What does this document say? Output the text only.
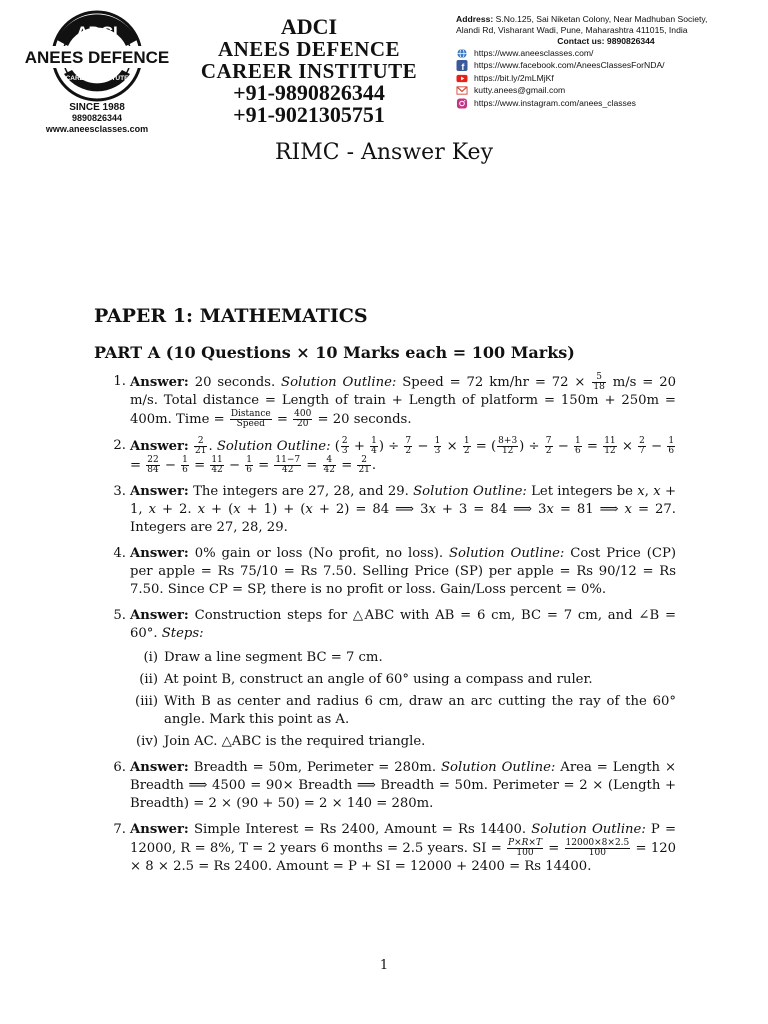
ADCI
ANEES DEFENCE
CAREER INSTITUTE
SINCE 1988
9890826344
www.aneesclasses.com
ADCI
ANEES DEFENCE
CAREER INSTITUTE
+91-9890826344
+91-9021305751
Address: S.No.125, Sai Niketan Colony, Near Madhuban Society,
Alandi Rd, Visharant Wadi, Pune, Maharashtra 411015, India
Contact us: 9890826344
https://www.aneesclasses.com/
f https://www.facebook.com/AneesClassesForNDA/
https://bit.ly/2mLMjKf
kutty.anees@gmail.com
https://www.instagram.com/anees_classes
RIMC - Answer Key
PAPER 1: MATHEMATICS
PART A (10 Questions × 10 Marks each = 100 Marks)
1. Answer: 20 seconds. Solution Outline: Speed = 72 $km/hr = 72 \times \frac{5}{18} m/s = 20$ m/s. Total distance = Length of train + Length of platform = 150m + 250m = 400m. Time = $\frac{\text{Distance}}{\text{Speed}} = \frac{400}{20} = 20$ seconds.
2. Answer: $\frac{2}{21}$ . Solution Outline: ( $\frac{2}{3} + \frac{1}{4}$ ) ÷ $\frac{7}{2} - \frac{1}{3} \times \frac{1}{2}$ = ( $\frac{8+3}{12}$ ) ÷ $\frac{7}{2} - \frac{1}{6} = \frac{11}{12} \times \frac{2}{7} - \frac{1}{6}$
= $\frac{22}{84} - \frac{1}{6} = \frac{11}{42} - \frac{1}{6} = \frac{11-7}{42} = \frac{4}{42} = \frac{2}{21}$ .
3. Answer: The integers are 27, 28, and 29. Solution Outline: Let integers be x, x + 1, x + 2. x + (x + 1) + (x + 2) = 84 ⟹ 3x + 3 = 84 ⟹ 3x = 81 ⟹ x = 27. Integers are 27, 28, 29.
4. Answer: 0% gain or loss (No profit, no loss). Solution Outline: Cost Price (CP) per apple = Rs 75/10 = Rs 7.50. Selling Price (SP) per apple = Rs 90/12 = Rs 7.50. Since CP = SP, there is no profit or loss. Gain/Loss percent = 0%.
5. Answer: Construction steps for △ABC with AB = 6 cm, BC = 7 cm, and ∠B = 60°. Steps:
(i) Draw a line segment BC = 7 cm.
(ii) At point B, construct an angle of 60° using a compass and ruler.
(iii) With B as center and radius 6 cm, draw an arc cutting the ray of the 60° angle. Mark this point as A.
(iv) Join AC. △ABC is the required triangle.
6. Answer: Breadth = 50m, Perimeter = 280m. Solution Outline: Area = Length × Breadth ⟹ 4500 = 90× Breadth ⟹ Breadth = 50m. Perimeter = 2 × (Length + Breadth) = 2 × (90 + 50) = 2 × 140 = 280m.
7. Answer: Simple Interest = Rs 2400, Amount = Rs 14400. Solution Outline: P = 12000, R = 8%, T = 2 years 6 months = 2.5 years. SI = $\frac{P\times R\times T}{100} = \frac{12000\times 8\times 2.5}{100} = 120 \times 8 \times 2.5 = Rs$ 2400. Amount = P + SI = 12000 + 2400 = Rs 14400.
1
